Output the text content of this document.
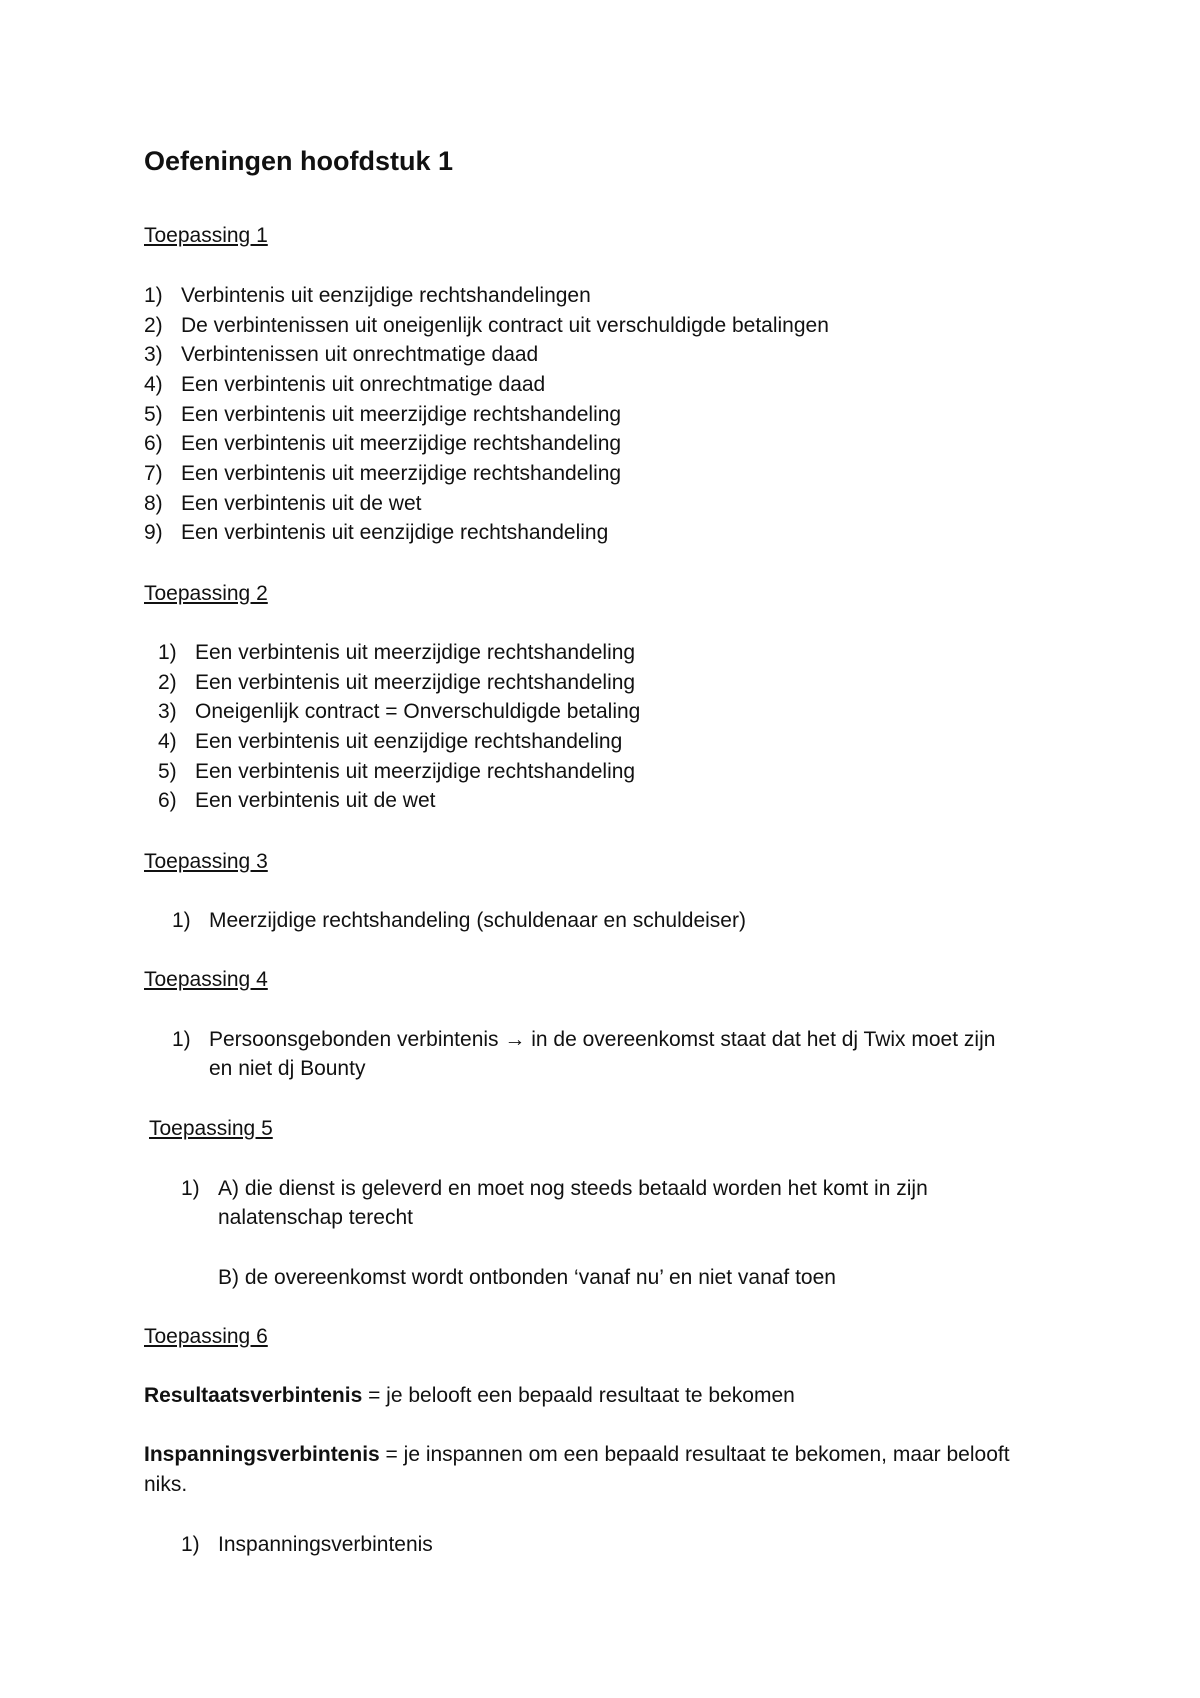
Oefeningen hoofdstuk 1
Toepassing 1
1) Verbintenis uit eenzijdige rechtshandelingen
2) De verbintenissen uit oneigenlijk contract uit verschuldigde betalingen
3) Verbintenissen uit onrechtmatige daad
4) Een verbintenis uit onrechtmatige daad
5) Een verbintenis uit meerzijdige rechtshandeling
6) Een verbintenis uit meerzijdige rechtshandeling
7) Een verbintenis uit meerzijdige rechtshandeling
8) Een verbintenis uit de wet
9) Een verbintenis uit eenzijdige rechtshandeling
Toepassing 2
1) Een verbintenis uit meerzijdige rechtshandeling
2) Een verbintenis uit meerzijdige rechtshandeling
3) Oneigenlijk contract = Onverschuldigde betaling
4) Een verbintenis uit eenzijdige rechtshandeling
5) Een verbintenis uit meerzijdige rechtshandeling
6) Een verbintenis uit de wet
Toepassing 3
1) Meerzijdige rechtshandeling (schuldenaar en schuldeiser)
Toepassing 4
1) Persoonsgebonden verbintenis → in de overeenkomst staat dat het dj Twix moet zijn
en niet dj Bounty
Toepassing 5
1) A) die dienst is geleverd en moet nog steeds betaald worden het komt in zijn
nalatenschap terecht
B) de overeenkomst wordt ontbonden ‘vanaf nu’ en niet vanaf toen
Toepassing 6
Resultaatsverbintenis = je belooft een bepaald resultaat te bekomen
Inspanningsverbintenis = je inspannen om een bepaald resultaat te bekomen, maar belooft
niks.
1) Inspanningsverbintenis
